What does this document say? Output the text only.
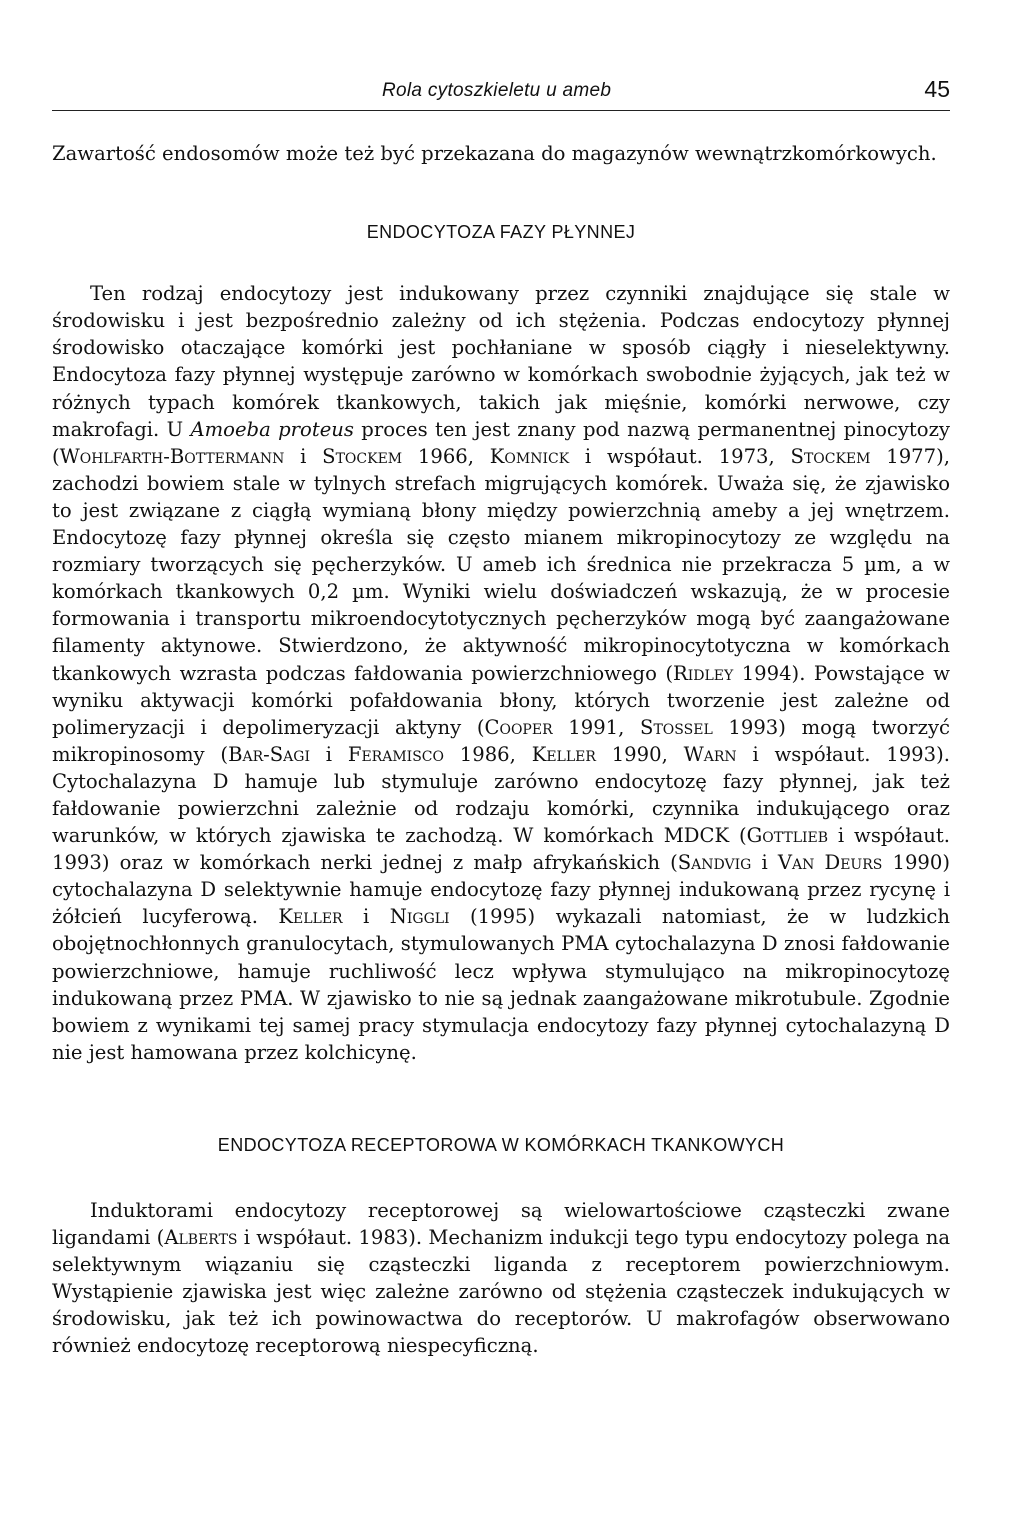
Rola cytoszkieletu u ameb	45

Zawartość endosomów może też być przekazana do magazynów wewnątrzkomórkowych.

ENDOCYTOZA FAZY PŁYNNEJ

Ten rodzaj endocytozy jest indukowany przez czynniki znajdujące się stale w środowisku i jest bezpośrednio zależny od ich stężenia. Podczas endocytozy płynnej środowisko otaczające komórki jest pochłaniane w sposób ciągły i nieselektywny. Endocytoza fazy płynnej występuje zarówno w komórkach swobodnie żyjących, jak też w różnych typach komórek tkankowych, takich jak mięśnie, komórki nerwowe, czy makrofagi. U Amoeba proteus proces ten jest znany pod nazwą permanentnej pinocytozy (Wohlfarth-Bottermann i Stockem 1966, Komnick i współaut. 1973, Stockem 1977), zachodzi bowiem stale w tylnych strefach migrujących komórek. Uważa się, że zjawisko to jest związane z ciągłą wymianą błony między powierzchnią ameby a jej wnętrzem. Endocytozę fazy płynnej określa się często mianem mikropinocytozy ze względu na rozmiary tworzących się pęcherzyków. U ameb ich średnica nie przekracza 5 µm, a w komórkach tkankowych 0,2 µm. Wyniki wielu doświadczeń wskazują, że w procesie formowania i transportu mikroendocytotycznych pęcherzyków mogą być zaangażowane filamenty aktynowe. Stwierdzono, że aktywność mikropinocytotyczna w komórkach tkankowych wzrasta podczas fałdowania powierzchniowego (Ridley 1994). Powstające w wyniku aktywacji komórki pofałdowania błony, których tworzenie jest zależne od polimeryzacji i depolimeryzacji aktyny (Cooper 1991, Stossel 1993) mogą tworzyć mikropinosomy (Bar-Sagi i Feramisco 1986, Keller 1990, Warn i współaut. 1993). Cytochalazyna D hamuje lub stymuluje zarówno endocytozę fazy płynnej, jak też fałdowanie powierzchni zależnie od rodzaju komórki, czynnika indukującego oraz warunków, w których zjawiska te zachodzą. W komórkach MDCK (Gottlieb i współaut. 1993) oraz w komórkach nerki jednej z małp afrykańskich (Sandvig i Van Deurs 1990) cytochalazyna D selektywnie hamuje endocytozę fazy płynnej indukowaną przez rycynę i żółcień lucyferową. Keller i Niggli (1995) wykazali natomiast, że w ludzkich obojętnochłonnych granulocytach, stymulowanych PMA cytochalazyna D znosi fałdowanie powierzchniowe, hamuje ruchliwość lecz wpływa stymulująco na mikropinocytozę indukowaną przez PMA. W zjawisko to nie są jednak zaangażowane mikrotubule. Zgodnie bowiem z wynikami tej samej pracy stymulacja endocytozy fazy płynnej cytochalazyną D nie jest hamowana przez kolchicynę.

ENDOCYTOZA RECEPTOROWA W KOMÓRKACH TKANKOWYCH

Induktorami endocytozy receptorowej są wielowartościowe cząsteczki zwane ligandami (Alberts i współaut. 1983). Mechanizm indukcji tego typu endocytozy polega na selektywnym wiązaniu się cząsteczki liganda z receptorem powierzchniowym. Wystąpienie zjawiska jest więc zależne zarówno od stężenia cząsteczek indukujących w środowisku, jak też ich powinowactwa do receptorów. U makrofagów obserwowano również endocytozę receptorową niespecyficzną.
